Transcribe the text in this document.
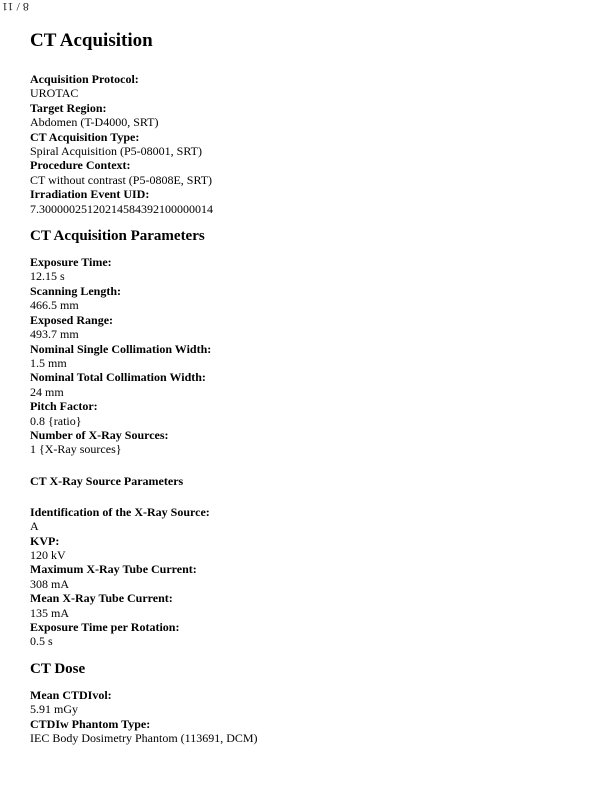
8 / 11
CT Acquisition
Acquisition Protocol:
UROTAC
Target Region:
Abdomen (T-D4000, SRT)
CT Acquisition Type:
Spiral Acquisition (P5-08001, SRT)
Procedure Context:
CT without contrast (P5-0808E, SRT)
Irradiation Event UID:
7.30000025120214584392100000014
CT Acquisition Parameters
Exposure Time:
12.15 s
Scanning Length:
466.5 mm
Exposed Range:
493.7 mm
Nominal Single Collimation Width:
1.5 mm
Nominal Total Collimation Width:
24 mm
Pitch Factor:
0.8 {ratio}
Number of X-Ray Sources:
1 {X-Ray sources}
CT X-Ray Source Parameters
Identification of the X-Ray Source:
A
KVP:
120 kV
Maximum X-Ray Tube Current:
308 mA
Mean X-Ray Tube Current:
135 mA
Exposure Time per Rotation:
0.5 s
CT Dose
Mean CTDIvol:
5.91 mGy
CTDIw Phantom Type:
IEC Body Dosimetry Phantom (113691, DCM)
